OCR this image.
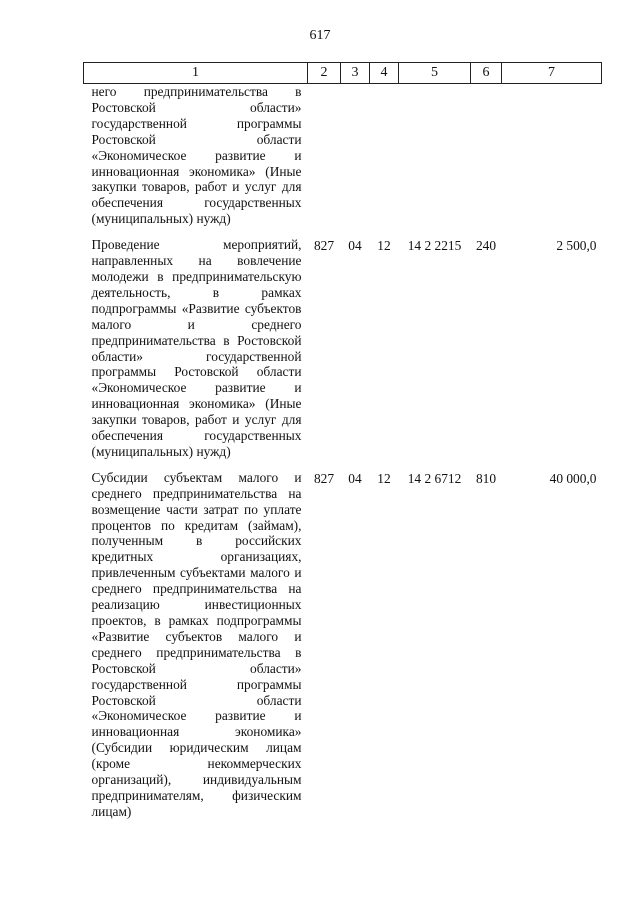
617
1	2	3	4	5	6	7
него предпринимательства в Ростовской области» государственной программы Ростовской области «Экономическое развитие и инновационная экономика» (Иные закупки товаров, работ и услуг для обеспечения государственных (муниципальных) нужд)						
Проведение мероприятий, направленных на вовлечение молодежи в предпринимательскую деятельность, в рамках подпрограммы «Развитие субъектов малого и среднего предпринимательства в Ростовской области» государственной программы Ростовской области «Экономическое развитие и инновационная экономика» (Иные закупки товаров, работ и услуг для обеспечения государственных (муниципальных) нужд)	827	04	12	14 2 2215	240	2 500,0
Субсидии субъектам малого и среднего предпринимательства на возмещение части затрат по уплате процентов по кредитам (займам), полученным в российских кредитных организациях, привлеченным субъектами малого и среднего предпринимательства на реализацию инвестиционных проектов, в рамках подпрограммы «Развитие субъектов малого и среднего предпринимательства в Ростовской области» государственной программы Ростовской области «Экономическое развитие и инновационная экономика» (Субсидии юридическим лицам (кроме некоммерческих организаций), индивидуальным предпринимателям, физическим лицам)	827	04	12	14 2 6712	810	40 000,0
